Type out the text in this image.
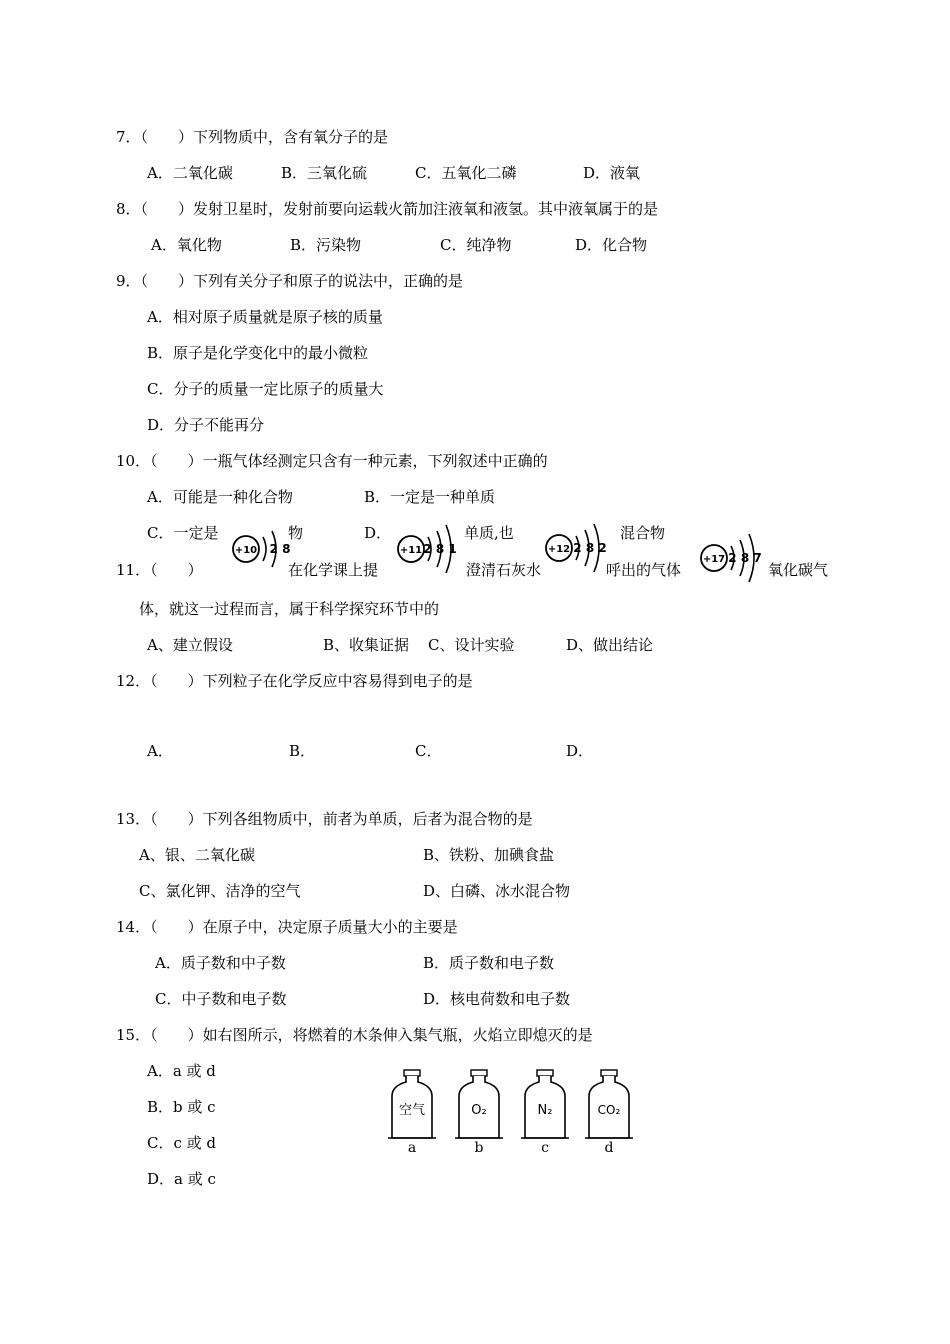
7．（　　）下列物质中，含有氧分子的是
A．二氧化碳	B．三氧化硫	C．五氧化二磷	D．液氧
8．（　　）发射卫星时，发射前要向运载火箭加注液氧和液氢。其中液氧属于的是
A．氧化物	B．污染物	C．纯净物	D．化合物
9．（　　）下列有关分子和原子的说法中，正确的是
A．相对原子质量就是原子核的质量
B．原子是化学变化中的最小微粒
C．分子的质量一定比原子的质量大
D．分子不能再分
10．（　　）一瓶气体经测定只含有一种元素，下列叙述中正确的
A．可能是一种化合物	B．一定是一种单质
C．一定是	物	D．	单质,也	混合物
11．（　　）	在化学课上提	澄清石灰水	呼出的气体	氧化碳气
体，就这一过程而言，属于科学探究环节中的
A、建立假设	B、收集证据 C、设计实验	D、做出结论
+10 2 8	+11 2 8 1	+12 2 8 2
+17 2 8 7
12．（　　）下列粒子在化学反应中容易得到电子的是
A．	B．	C．	D．
13．（　　）下列各组物质中，前者为单质，后者为混合物的是
A、银、二氧化碳	B、铁粉、加碘食盐
C、氯化钾、洁净的空气	D、白磷、冰水混合物
14．（　　）在原子中，决定原子质量大小的主要是
A．质子数和中子数	B．质子数和电子数
C．中子数和电子数	D．核电荷数和电子数
15．（　　）如右图所示，将燃着的木条伸入集气瓶，火焰立即熄灭的是
A．a 或 d
B．b 或 c
C．c 或 d
D．a 或 c
空气
a
O₂
b
N₂
c
CO₂
d
